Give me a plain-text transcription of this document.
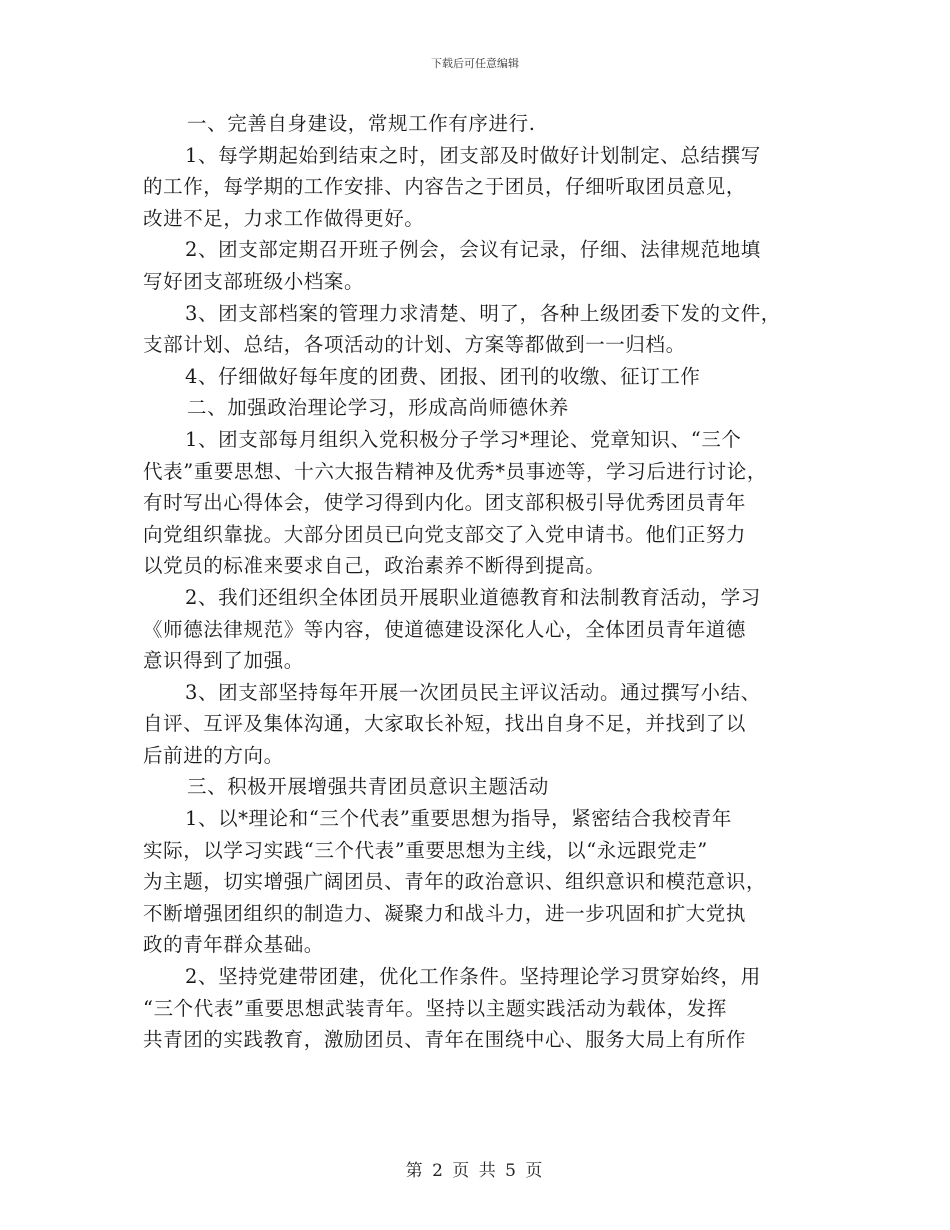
下载后可任意编辑
一、完善自身建设，常规工作有序进行.
1、每学期起始到结束之时，团支部及时做好计划制定、总结撰写
的工作，每学期的工作安排、内容告之于团员，仔细听取团员意见，
改进不足，力求工作做得更好。
2、团支部定期召开班子例会，会议有记录，仔细、法律规范地填
写好团支部班级小档案。
3、团支部档案的管理力求清楚、明了，各种上级团委下发的文件，
支部计划、总结，各项活动的计划、方案等都做到一一归档。
4、仔细做好每年度的团费、团报、团刊的收缴、征订工作
二、加强政治理论学习，形成高尚师德休养
1、团支部每月组织入党积极分子学习*理论、党章知识、“三个
代表”重要思想、十六大报告精神及优秀*员事迹等，学习后进行讨论，
有时写出心得体会，使学习得到内化。团支部积极引导优秀团员青年
向党组织靠拢。大部分团员已向党支部交了入党申请书。他们正努力
以党员的标准来要求自己，政治素养不断得到提高。
2、我们还组织全体团员开展职业道德教育和法制教育活动，学习
《师德法律规范》等内容，使道德建设深化人心，全体团员青年道德
意识得到了加强。
3、团支部坚持每年开展一次团员民主评议活动。通过撰写小结、
自评、互评及集体沟通，大家取长补短，找出自身不足，并找到了以
后前进的方向。
三、积极开展增强共青团员意识主题活动
1、以*理论和“三个代表”重要思想为指导，紧密结合我校青年
实际，以学习实践“三个代表”重要思想为主线，以“永远跟党走”
为主题，切实增强广阔团员、青年的政治意识、组织意识和模范意识，
不断增强团组织的制造力、凝聚力和战斗力，进一步巩固和扩大党执
政的青年群众基础。
2、坚持党建带团建，优化工作条件。坚持理论学习贯穿始终，用
“三个代表”重要思想武装青年。坚持以主题实践活动为载体，发挥
共青团的实践教育，激励团员、青年在围绕中心、服务大局上有所作
第 2 页 共 5 页
